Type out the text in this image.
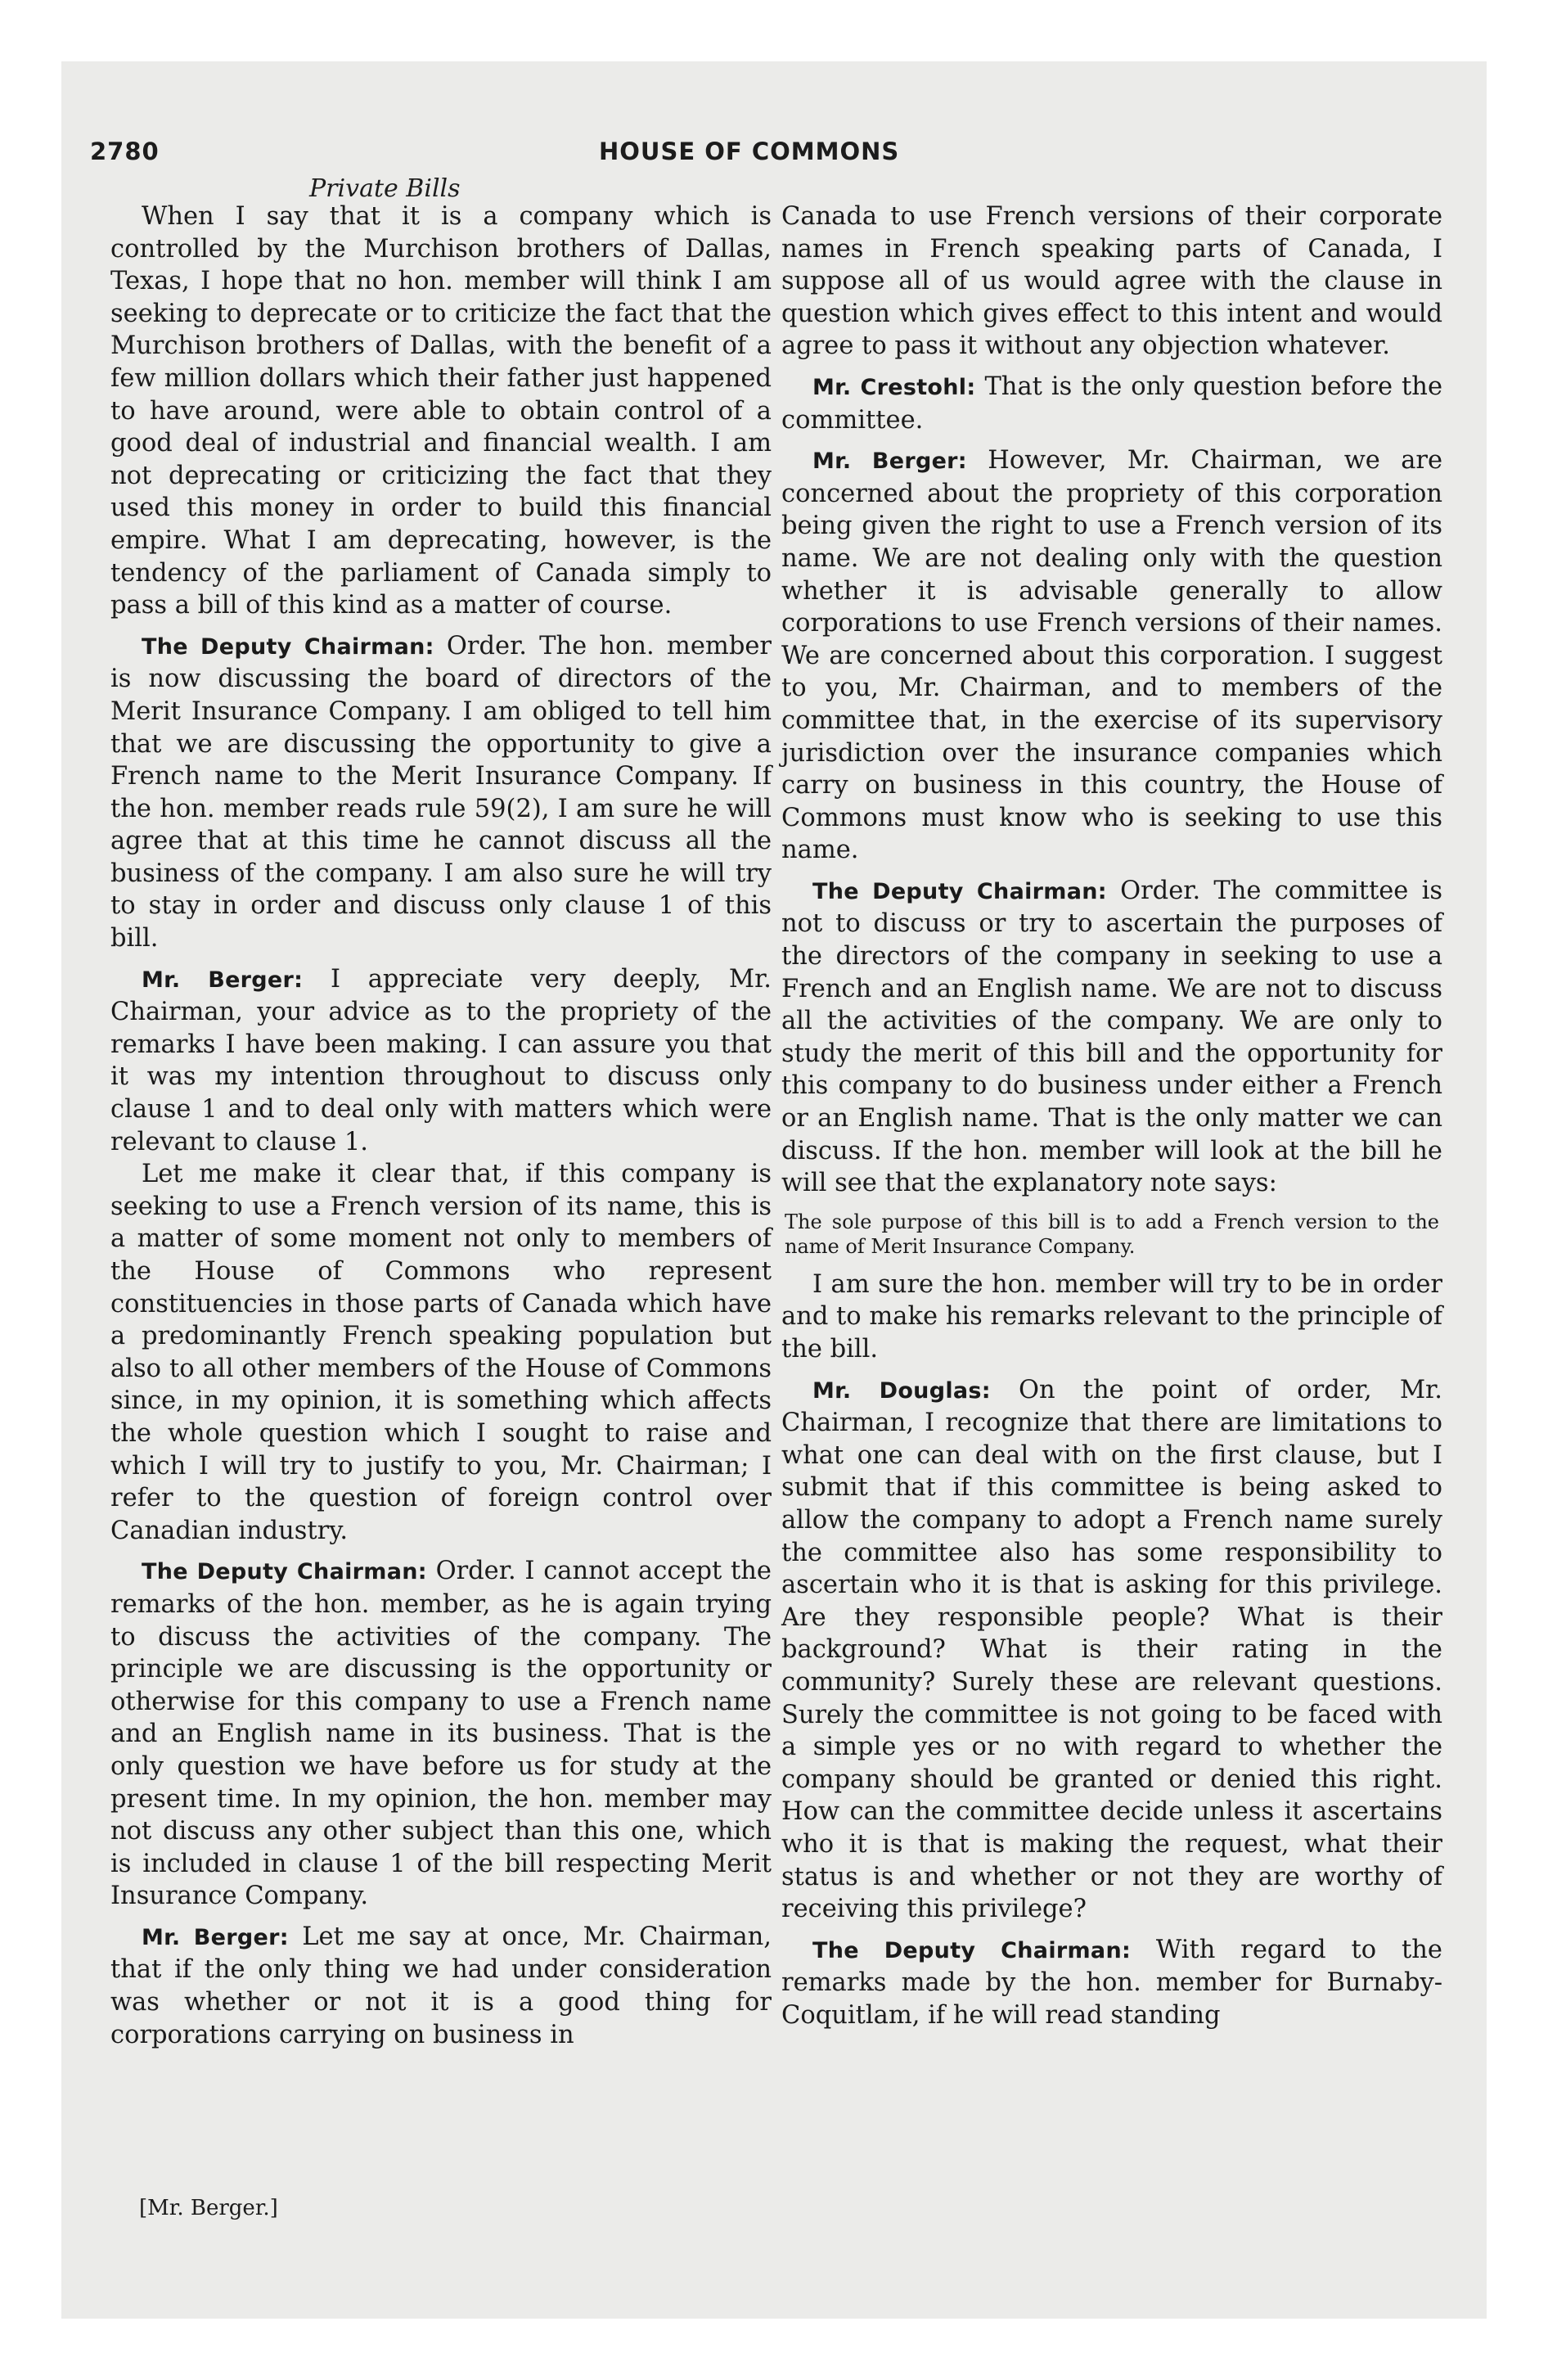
2780	HOUSE OF COMMONS
Private Bills

When I say that it is a company which is controlled by the Murchison brothers of Dallas, Texas, I hope that no hon. member will think I am seeking to deprecate or to criticize the fact that the Murchison brothers of Dallas, with the benefit of a few million dollars which their father just happened to have around, were able to obtain control of a good deal of industrial and financial wealth. I am not deprecating or criticizing the fact that they used this money in order to build this financial empire. What I am deprecating, however, is the tendency of the parliament of Canada simply to pass a bill of this kind as a matter of course.

The Deputy Chairman: Order. The hon. member is now discussing the board of directors of the Merit Insurance Company. I am obliged to tell him that we are discussing the opportunity to give a French name to the Merit Insurance Company. If the hon. member reads rule 59(2), I am sure he will agree that at this time he cannot discuss all the business of the company. I am also sure he will try to stay in order and discuss only clause 1 of this bill.

Mr. Berger: I appreciate very deeply, Mr. Chairman, your advice as to the propriety of the remarks I have been making. I can assure you that it was my intention throughout to discuss only clause 1 and to deal only with matters which were relevant to clause 1.

Let me make it clear that, if this company is seeking to use a French version of its name, this is a matter of some moment not only to members of the House of Commons who represent constituencies in those parts of Canada which have a predominantly French speaking population but also to all other members of the House of Commons since, in my opinion, it is something which affects the whole question which I sought to raise and which I will try to justify to you, Mr. Chairman; I refer to the question of foreign control over Canadian industry.

The Deputy Chairman: Order. I cannot accept the remarks of the hon. member, as he is again trying to discuss the activities of the company. The principle we are discussing is the opportunity or otherwise for this company to use a French name and an English name in its business. That is the only question we have before us for study at the present time. In my opinion, the hon. member may not discuss any other subject than this one, which is included in clause 1 of the bill respecting Merit Insurance Company.

Mr. Berger: Let me say at once, Mr. Chairman, that if the only thing we had under consideration was whether or not it is a good thing for corporations carrying on business in

Canada to use French versions of their corporate names in French speaking parts of Canada, I suppose all of us would agree with the clause in question which gives effect to this intent and would agree to pass it without any objection whatever.

Mr. Crestohl: That is the only question before the committee.

Mr. Berger: However, Mr. Chairman, we are concerned about the propriety of this corporation being given the right to use a French version of its name. We are not dealing only with the question whether it is advisable generally to allow corporations to use French versions of their names. We are concerned about this corporation. I suggest to you, Mr. Chairman, and to members of the committee that, in the exercise of its supervisory jurisdiction over the insurance companies which carry on business in this country, the House of Commons must know who is seeking to use this name.

The Deputy Chairman: Order. The committee is not to discuss or try to ascertain the purposes of the directors of the company in seeking to use a French and an English name. We are not to discuss all the activities of the company. We are only to study the merit of this bill and the opportunity for this company to do business under either a French or an English name. That is the only matter we can discuss. If the hon. member will look at the bill he will see that the explanatory note says:

The sole purpose of this bill is to add a French version to the name of Merit Insurance Company.

I am sure the hon. member will try to be in order and to make his remarks relevant to the principle of the bill.

Mr. Douglas: On the point of order, Mr. Chairman, I recognize that there are limitations to what one can deal with on the first clause, but I submit that if this committee is being asked to allow the company to adopt a French name surely the committee also has some responsibility to ascertain who it is that is asking for this privilege. Are they responsible people? What is their background? What is their rating in the community? Surely these are relevant questions. Surely the committee is not going to be faced with a simple yes or no with regard to whether the company should be granted or denied this right. How can the committee decide unless it ascertains who it is that is making the request, what their status is and whether or not they are worthy of receiving this privilege?

The Deputy Chairman: With regard to the remarks made by the hon. member for Burnaby-Coquitlam, if he will read standing

[Mr. Berger.]
